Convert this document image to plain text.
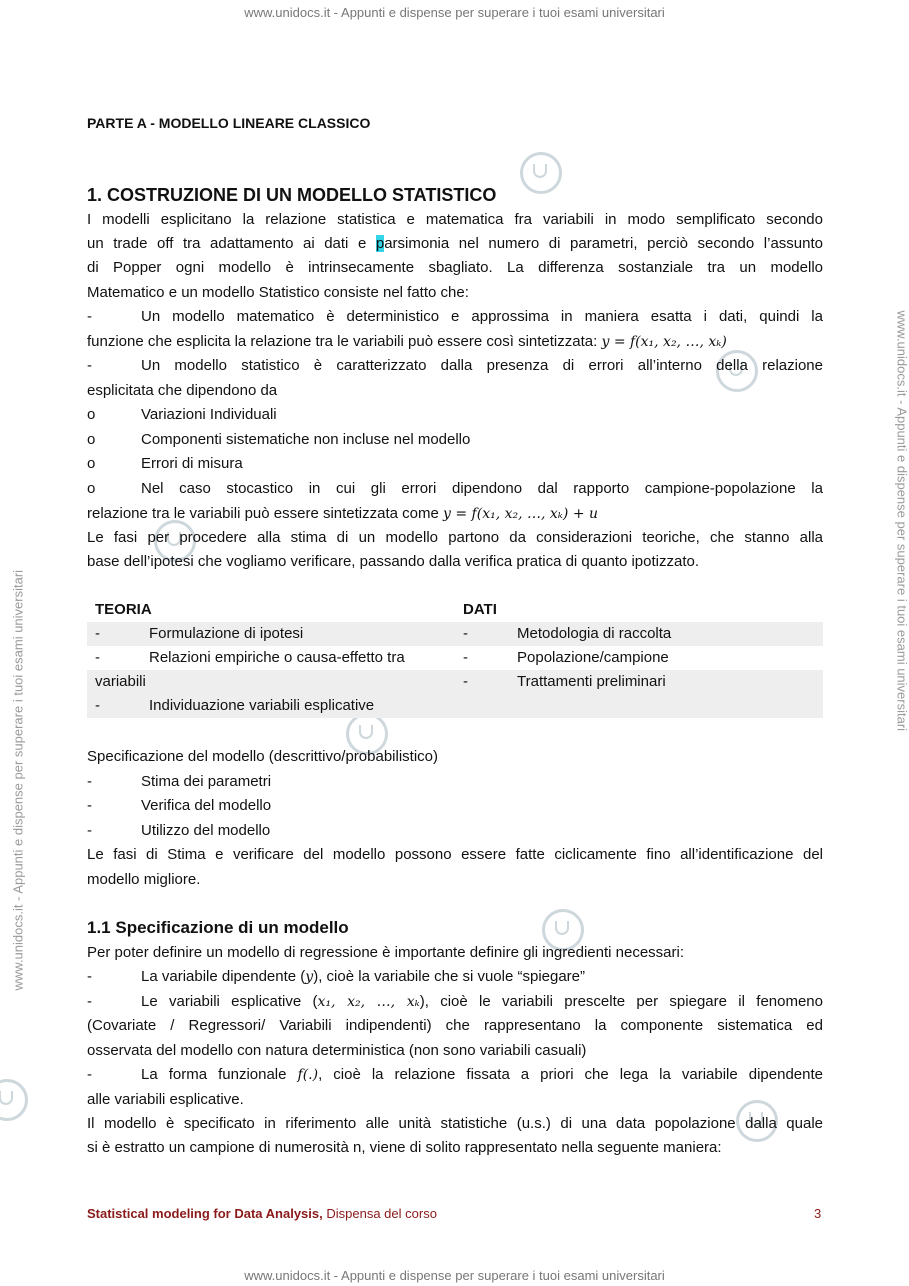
www.unidocs.it - Appunti e dispense per superare i tuoi esami universitari
www.unidocs.it - Appunti e dispense per superare i tuoi esami universitari
www.unidocs.it - Appunti e dispense per superare i tuoi esami universitari
www.unidocs.it - Appunti e dispense per superare i tuoi esami universitari
PARTE A - MODELLO LINEARE CLASSICO
1. COSTRUZIONE DI UN MODELLO STATISTICO
I modelli esplicitano la relazione statistica e matematica fra variabili in modo semplificato secondo
un trade off tra adattamento ai dati e parsimonia nel numero di parametri, perciò secondo l’assunto
di Popper ogni modello è intrinsecamente sbagliato. La differenza sostanziale tra un modello
Matematico e un modello Statistico consiste nel fatto che:
-	Un modello matematico è deterministico e approssima in maniera esatta i dati, quindi la
funzione che esplicita la relazione tra le variabili può essere così sintetizzata: y = f(x₁, x₂, …, xₖ)
-	Un modello statistico è caratterizzato dalla presenza di errori all’interno della relazione
esplicitata che dipendono da
o	Variazioni Individuali
o	Componenti sistematiche non incluse nel modello
o	Errori di misura
o	Nel caso stocastico in cui gli errori dipendono dal rapporto campione-popolazione la
relazione tra le variabili può essere sintetizzata come y = f(x₁, x₂, …, xₖ) + u
Le fasi per procedere alla stima di un modello partono da considerazioni teoriche, che stanno alla
base dell’ipotesi che vogliamo verificare, passando dalla verifica pratica di quanto ipotizzato.
TEORIA	DATI
-	Formulazione di ipotesi	-	Metodologia di raccolta
-	Relazioni empiriche o causa-effetto tra	-	Popolazione/campione
variabili	-	Trattamenti preliminari
-	Individuazione variabili esplicative
Specificazione del modello (descrittivo/probabilistico)
-	Stima dei parametri
-	Verifica del modello
-	Utilizzo del modello
Le fasi di Stima e verificare del modello possono essere fatte ciclicamente fino all’identificazione del
modello migliore.
1.1 Specificazione di un modello
Per poter definire un modello di regressione è importante definire gli ingredienti necessari:
-	La variabile dipendente (y), cioè la variabile che si vuole “spiegare”
-	Le variabili esplicative (x₁, x₂, …, xₖ), cioè le variabili prescelte per spiegare il fenomeno
(Covariate / Regressori/ Variabili indipendenti) che rappresentano la componente sistematica ed
osservata del modello con natura deterministica (non sono variabili casuali)
-	La forma funzionale f(.), cioè la relazione fissata a priori che lega la variabile dipendente
alle variabili esplicative.
Il modello è specificato in riferimento alle unità statistiche (u.s.) di una data popolazione dalla quale
si è estratto un campione di numerosità n, viene di solito rappresentato nella seguente maniera:
Statistical modeling for Data Analysis, Dispensa del corso	3
